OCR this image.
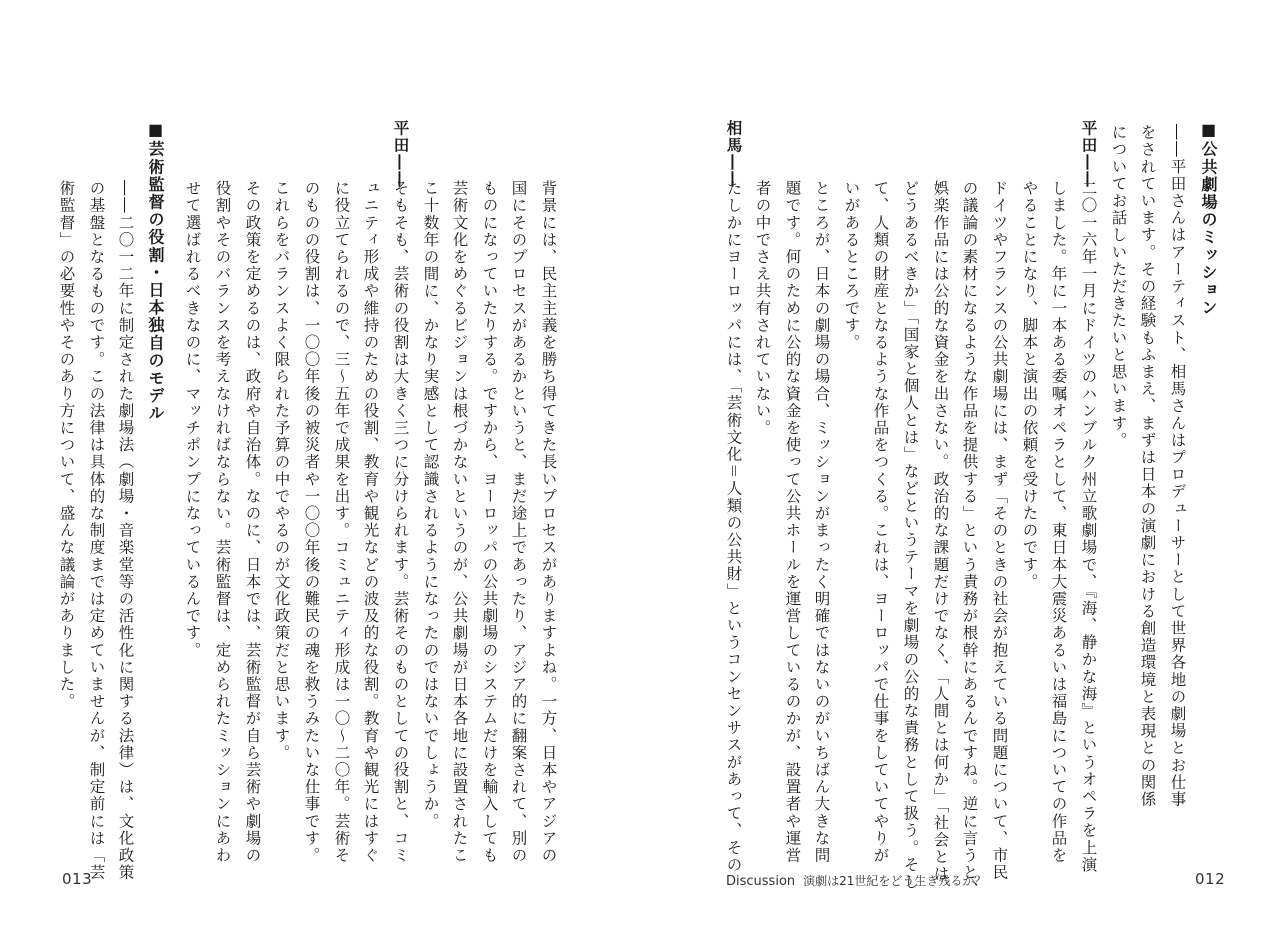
■公共劇場のミッション
――平田さんはアーティスト、相馬さんはプロデューサーとして世界各地の劇場とお仕事
をされています。その経験もふまえ、まずは日本の演劇における創造環境と表現との関係
についてお話しいただきたいと思います。
平田――
二〇一六年一月にドイツのハンブルク州立歌劇場で、『海、静かな海』というオペラを上演
しました。年に一本ある委嘱オペラとして、東日本大震災あるいは福島についての作品を
やることになり、脚本と演出の依頼を受けたのです。
ドイツやフランスの公共劇場には、まず「そのときの社会が抱えている問題について、市民
の議論の素材になるような作品を提供する」という責務が根幹にあるんですね。逆に言うと、
娯楽作品には公的な資金を出さない。政治的な課題だけでなく、「人間とは何か」「社会とは
どうあるべきか」「国家と個人とは」などというテーマを劇場の公的な責務として扱う。そし
て、人類の財産となるような作品をつくる。これは、ヨーロッパで仕事をしていてやりが
いがあるところです。
ところが、日本の劇場の場合、ミッションがまったく明確ではないのがいちばん大きな問
題です。何のために公的な資金を使って公共ホールを運営しているのかが、設置者や運営
者の中でさえ共有されていない。
相馬――
たしかにヨーロッパには、「芸術文化＝人類の公共財」というコンセンサスがあって、その
Discussion 演劇は21世紀をどう生き残るか？	012
背景には、民主主義を勝ち得てきた長いプロセスがありますよね。一方、日本やアジアの
国にそのプロセスがあるかというと、まだ途上であったり、アジア的に翻案されて、別の
ものになっていたりする。ですから、ヨーロッパの公共劇場のシステムだけを輸入しても
芸術文化をめぐるビジョンは根づかないというのが、公共劇場が日本各地に設置されたこ
こ十数年の間に、かなり実感として認識されるようになったのではないでしょうか。
平田――
そもそも、芸術の役割は大きく三つに分けられます。芸術そのものとしての役割と、コミ
ュニティ形成や維持のための役割、教育や観光などの波及的な役割。教育や観光にはすぐ
に役立てられるので、三～五年で成果を出す。コミュニティ形成は一〇～二〇年。芸術そ
のものの役割は、一〇〇年後の被災者や一〇〇年後の難民の魂を救うみたいな仕事です。
これらをバランスよく限られた予算の中でやるのが文化政策だと思います。
その政策を定めるのは、政府や自治体。なのに、日本では、芸術監督が自ら芸術や劇場の
役割やそのバランスを考えなければならない。芸術監督は、定められたミッションにあわ
せて選ばれるべきなのに、マッチポンプになっているんです。
■芸術監督の役割・日本独自のモデル
――二〇一二年に制定された劇場法（劇場・音楽堂等の活性化に関する法律）は、文化政策
の基盤となるものです。この法律は具体的な制度までは定めていませんが、制定前には「芸
術監督」の必要性やそのあり方について、盛んな議論がありました。
013
